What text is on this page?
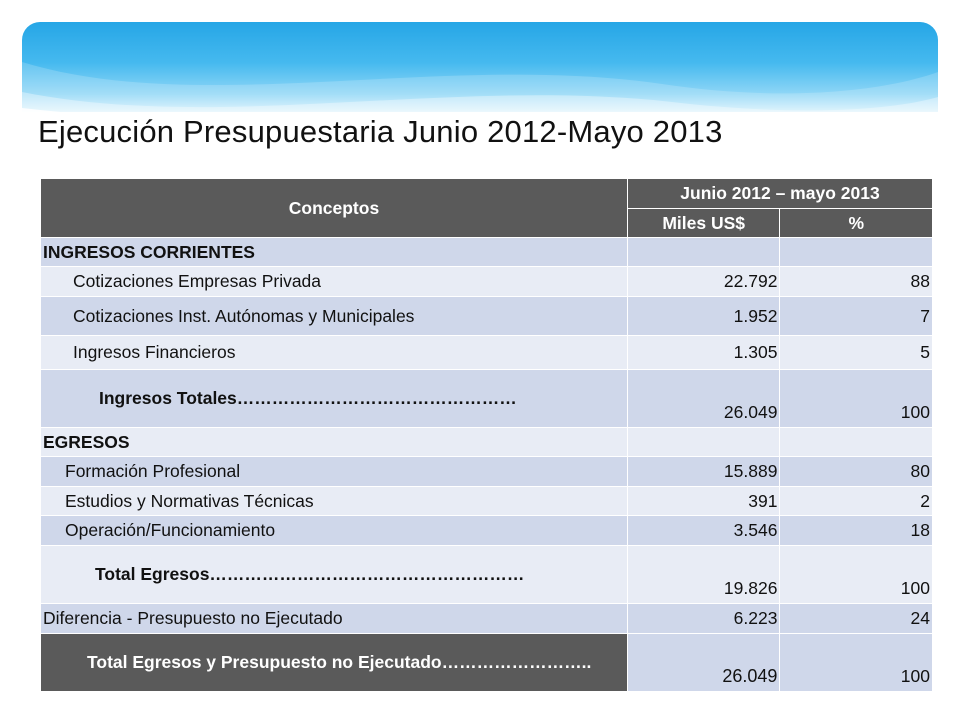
Ejecución Presupuestaria Junio 2012-Mayo 2013
Conceptos	Junio 2012 – mayo 2013	
	Miles US$	%
INGRESOS CORRIENTES		
Cotizaciones Empresas Privada	22.792	88
Cotizaciones Inst. Autónomas y Municipales	1.952	7
Ingresos Financieros	1.305	5
Ingresos Totales…………………………………………	26.049	100
EGRESOS		
Formación Profesional	15.889	80
Estudios y Normativas Técnicas	391	2
Operación/Funcionamiento	3.546	18
Total Egresos………………………………………………	19.826	100
Diferencia - Presupuesto no Ejecutado	6.223	24
Total Egresos y Presupuesto no Ejecutado……………………..	26.049	100
